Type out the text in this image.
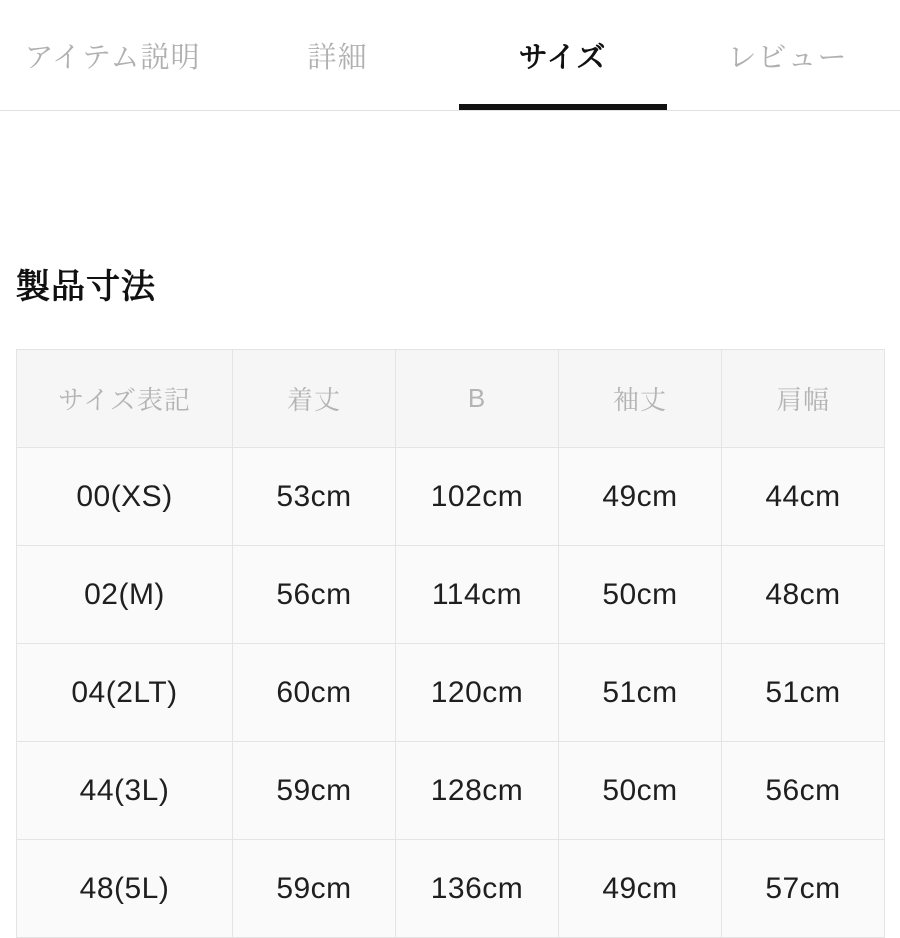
アイテム説明	詳細	サイズ	レビュー
製品寸法
サイズ表記	着丈	B	袖丈	肩幅
00(XS)	53cm	102cm	49cm	44cm
02(M)	56cm	114cm	50cm	48cm
04(2LT)	60cm	120cm	51cm	51cm
44(3L)	59cm	128cm	50cm	56cm
48(5L)	59cm	136cm	49cm	57cm
